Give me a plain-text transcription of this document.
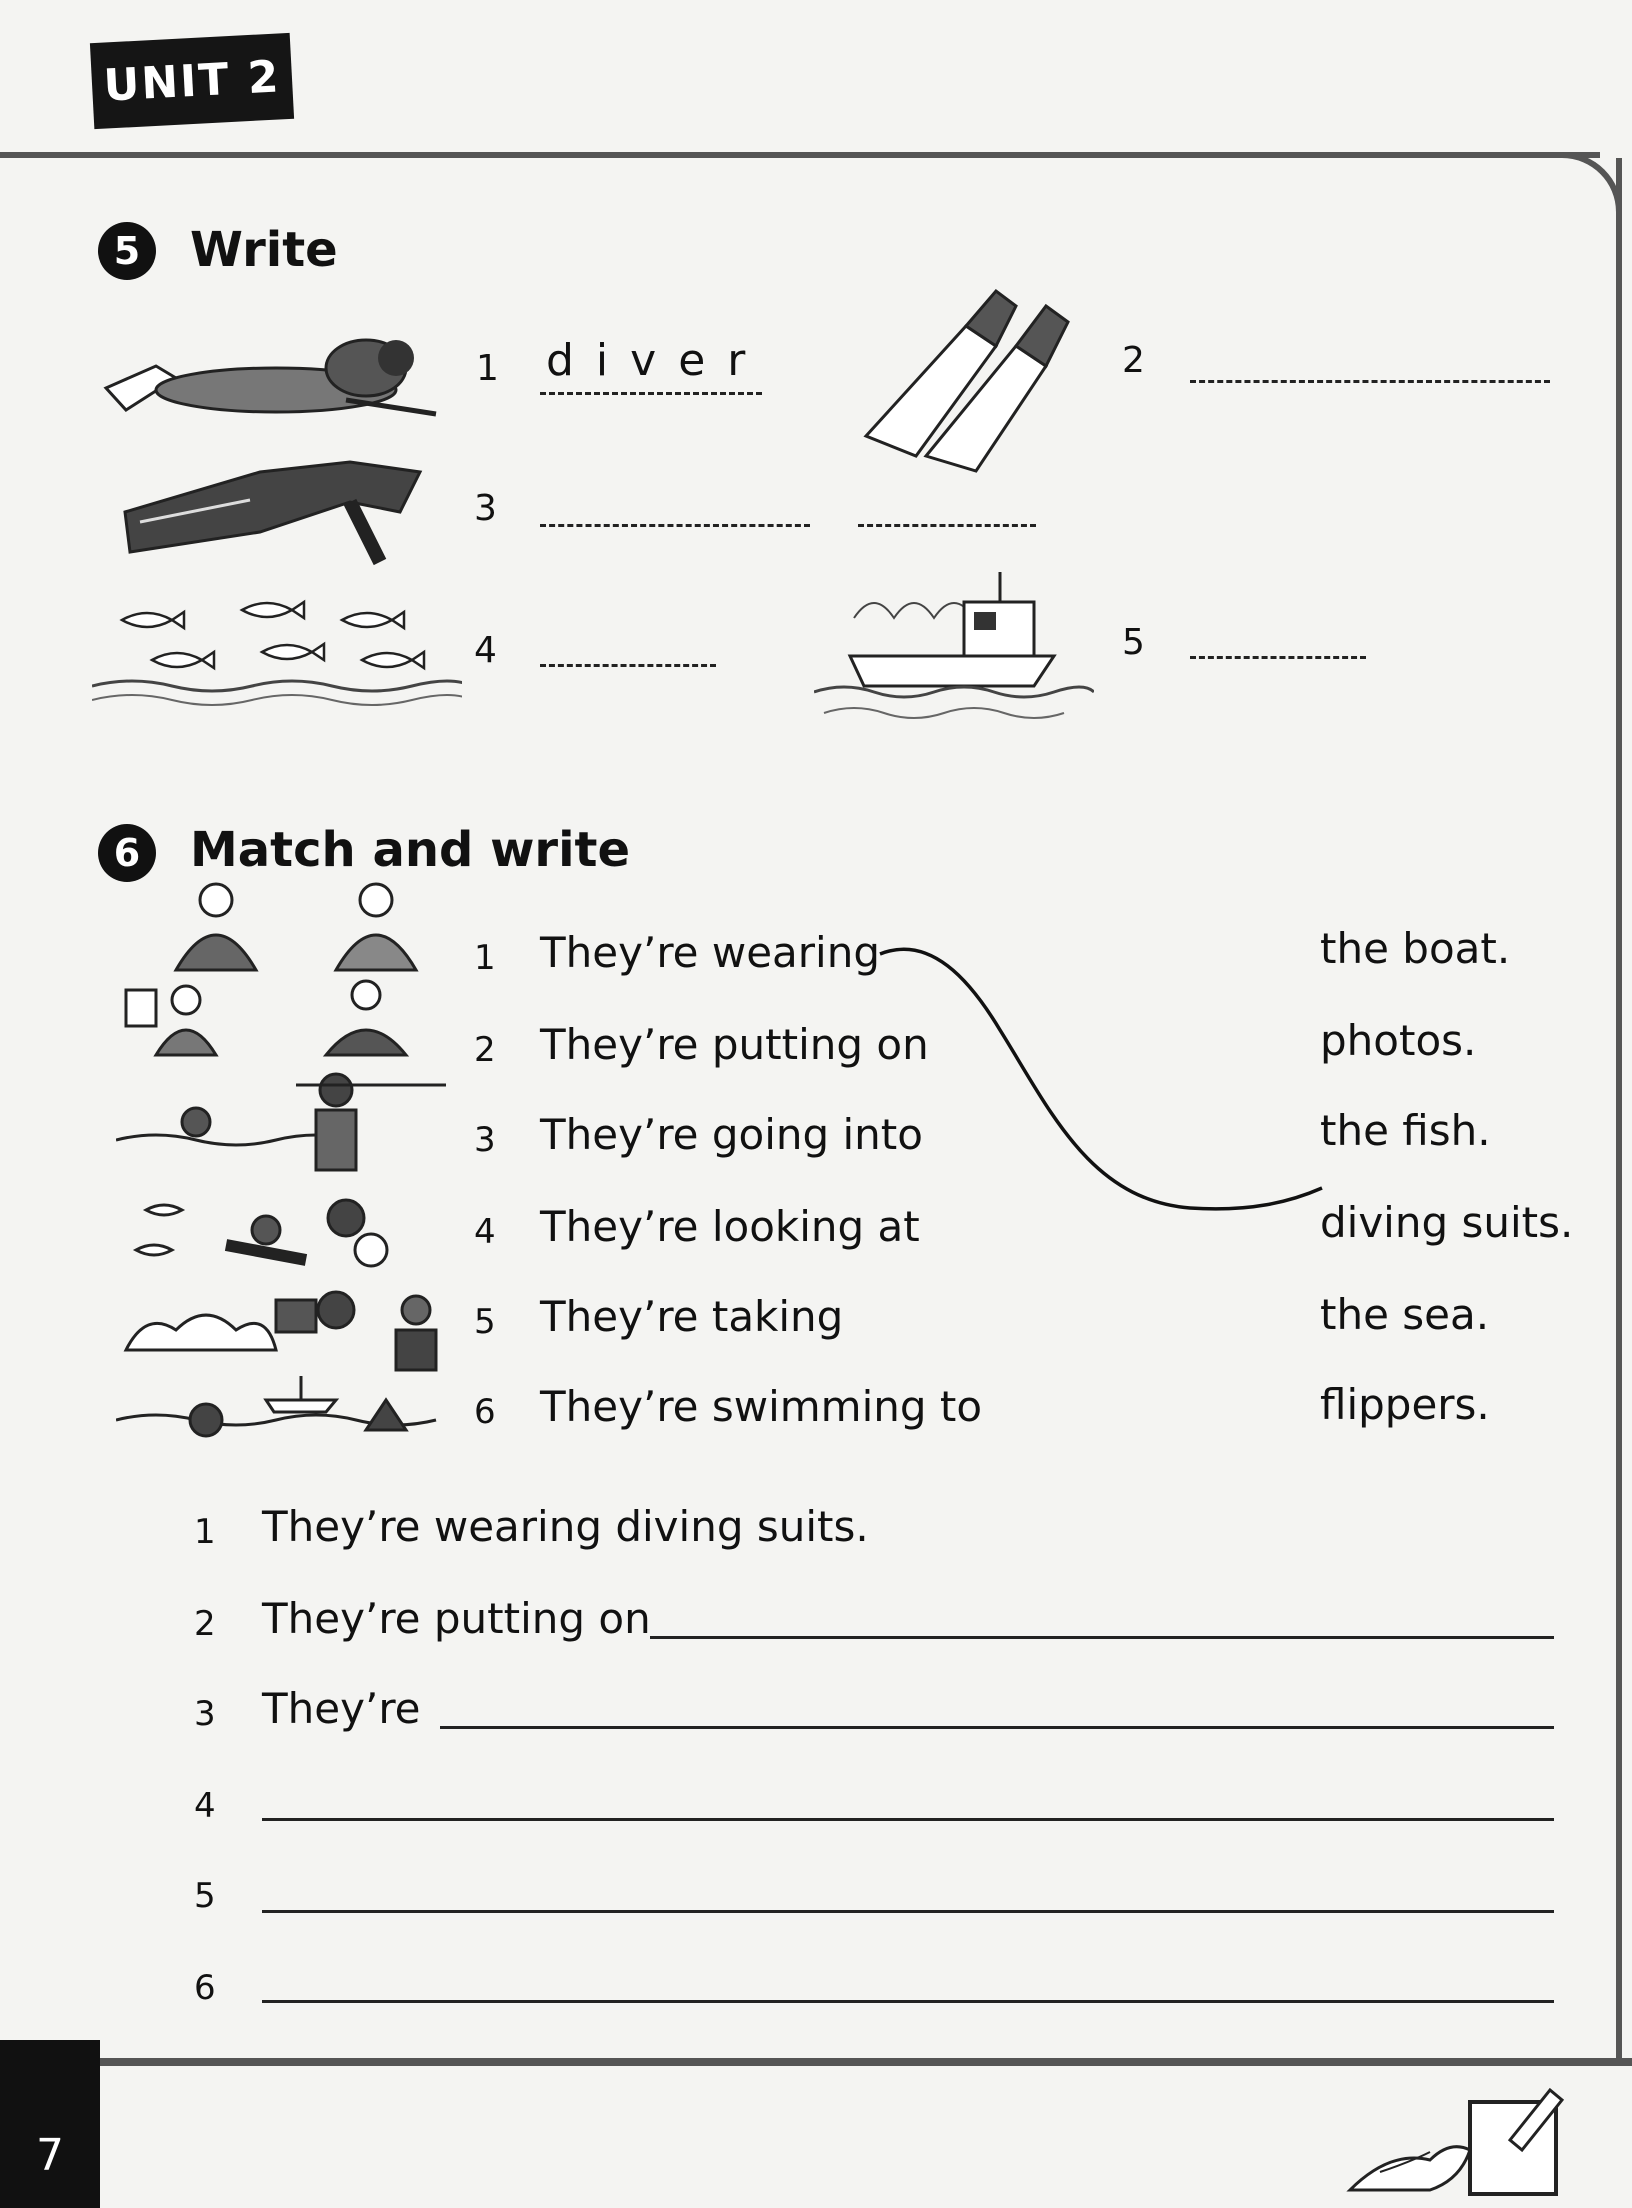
UNIT 2
5	Write
1 diver	2
3
4	5
6	Match and write
1 They’re wearing
2 They’re putting on
3 They’re going into
4 They’re looking at
5 They’re taking
6 They’re swimming to
the boat.
photos.
the fish.
diving suits.
the sea.
flippers.
1 They’re wearing diving suits.
2 They’re putting on
3 They’re
4
5
6
7
